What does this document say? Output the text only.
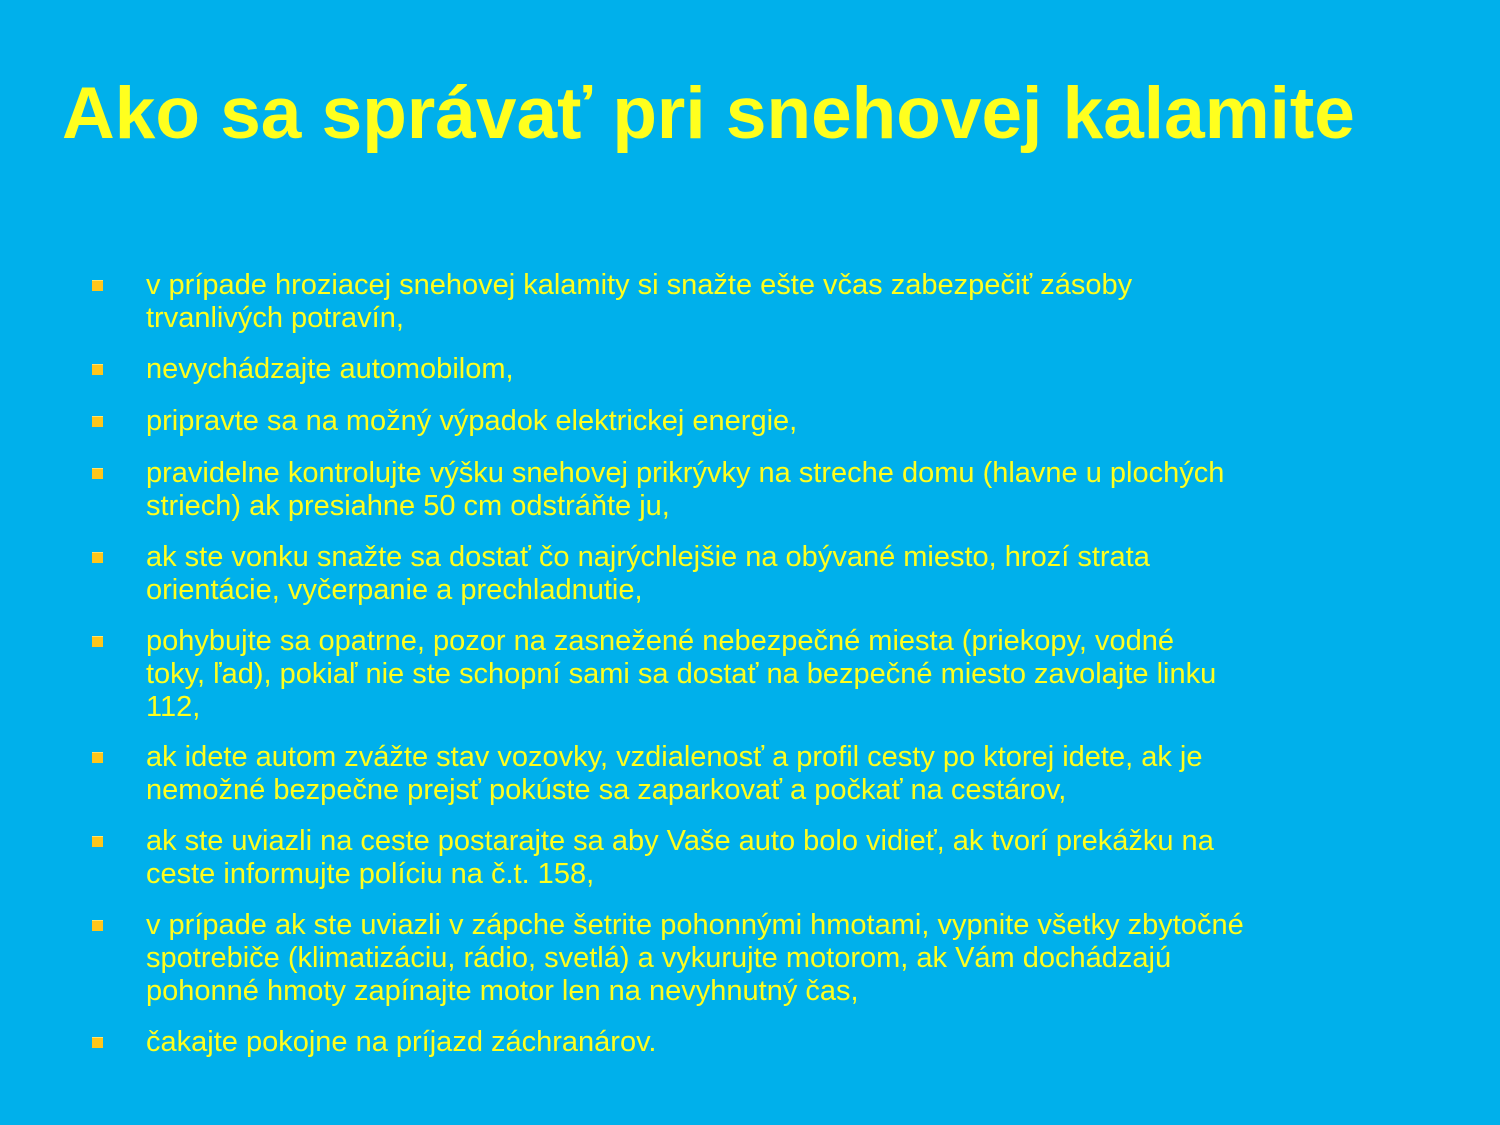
Ako sa správať pri snehovej kalamite
v prípade hroziacej snehovej kalamity si snažte ešte včas zabezpečiť zásoby
trvanlivých potravín,
nevychádzajte automobilom,
pripravte sa na možný výpadok elektrickej energie,
pravidelne kontrolujte výšku snehovej prikrývky na streche domu (hlavne u plochých
striech) ak presiahne 50 cm odstráňte ju,
ak ste vonku snažte sa dostať čo najrýchlejšie na obývané miesto, hrozí strata
orientácie, vyčerpanie a prechladnutie,
pohybujte sa opatrne, pozor na zasnežené nebezpečné miesta (priekopy, vodné
toky, ľad), pokiaľ nie ste schopní sami sa dostať na bezpečné miesto zavolajte linku
112,
ak idete autom zvážte stav vozovky, vzdialenosť a profil cesty po ktorej idete, ak je
nemožné bezpečne prejsť pokúste sa zaparkovať a počkať na cestárov,
ak ste uviazli na ceste postarajte sa aby Vaše auto bolo vidieť, ak tvorí prekážku na
ceste informujte políciu na č.t. 158,
v prípade ak ste uviazli v zápche šetrite pohonnými hmotami, vypnite všetky zbytočné
spotrebiče (klimatizáciu, rádio, svetlá) a vykurujte motorom, ak Vám dochádzajú
pohonné hmoty zapínajte motor len na nevyhnutný čas,
čakajte pokojne na príjazd záchranárov.
